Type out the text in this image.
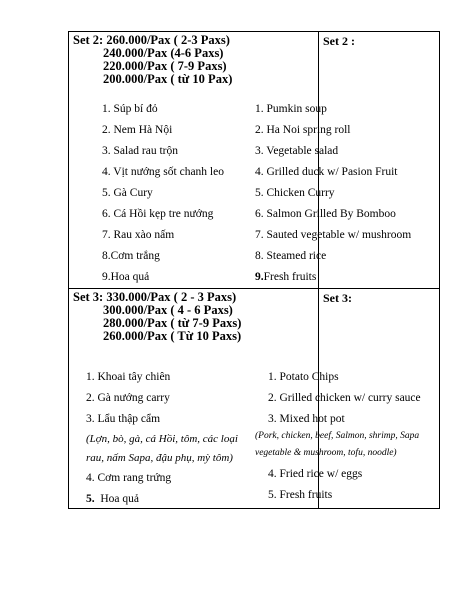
Set 2: 260.000/Pax ( 2-3 Paxs)
240.000/Pax (4-6 Paxs)
220.000/Pax ( 7-9 Paxs)
200.000/Pax ( từ 10 Pax)
1. Súp bí đỏ
2. Nem Hà Nội
3. Salad rau trộn
4. Vịt nướng sốt chanh leo
5. Gà Cury
6. Cá Hồi kẹp tre nướng
7. Rau xào nấm
8.Cơm trắng
9.Hoa quả
Set 2 :
1. Pumkin soup
2. Ha Noi spring roll
3. Vegetable salad
4. Grilled duck w/ Pasion Fruit
5. Chicken Curry
6. Salmon Grilled By Bomboo
7. Sauted vegetable w/ mushroom
8. Steamed rice
9.Fresh fruits
Set 3: 330.000/Pax ( 2 - 3 Paxs)
300.000/Pax ( 4 - 6 Paxs)
280.000/Pax ( từ 7-9 Paxs)
260.000/Pax ( Từ 10 Paxs)
1. Khoai tây chiên
2. Gà nướng carry
3. Lẩu thập cẩm
(Lợn, bò, gà, cá Hồi, tôm, các loại
rau, nấm Sapa, đậu phụ, mỳ tôm)
4. Cơm rang trứng
5. Hoa quả
Set 3:
1. Potato Chips
2. Grilled chicken w/ curry sauce
3. Mixed hot pot
(Pork, chicken, beef, Salmon, shrimp, Sapa
vegetable & mushroom, tofu, noodle)
4. Fried rice w/ eggs
5. Fresh fruits
